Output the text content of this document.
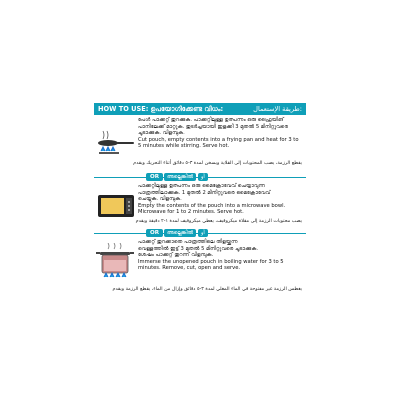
HOW TO USE: ഉപയോഗിക്കേണ്ട വിധം:	طريقة الإستعمال:
പേൾ പാക്കറ്റ് തുറക്കുക. പാക്കറ്റിലുള്ള ഉത്പന്നം ഒരു ഫ്രൈയിങ്
പാനിലേക്ക് മാറ്റുക. തുടർച്ചയായി ഇളക്കി 3 മുതൽ 5 മിനിറ്റുവരെ
ചൂടാക്കുക. വിളമ്പുക.
Cut pouch, empty contents into a frying pan and heat for 3 to
5 minutes while stirring. Serve hot.
يقطع الرزمة، يصب المحتويات إلى القلاية ويسخن لمدة ٣-٥ دقائق أثناء التحريك ويقدم
OR	അല്ലെങ്കിൽ	أو
പാക്കറ്റിലുള്ള ഉത്പന്നം ഒരു മൈക്രോവേവ് ചെയ്യാവുന്ന
പാത്രത്തിലാക്കുക. 1 മുതൽ 2 മിനിറ്റുവരെ മൈക്രോവേവ്
ചെയ്യുക. വിളമ്പുക.
Empty the contents of the pouch into a microwave bowl.
Microwave for 1 to 2 minutes. Serve hot.
يصب محتويات الرزمة إلى مقلاة ميكروفيف، يعطي ميكروفيف لمدة ١-٢ دقيقة ويقدم
OR	അല്ലെങ്കിൽ	أو
പാക്കറ്റ് തുറക്കാതെ പാത്രത്തിലെ തിളയ്ക്കുന്ന
വെള്ളത്തിൽ ഇട്ട് 3 മുതൽ 5 മിനിറ്റുവരെ ചൂടാക്കുക.
ശേഷം പാക്കറ്റ് തുറന്ന് വിളമ്പുക.
Immerse the unopened pouch in boiling water for 3 to 5
minutes. Remove, cut, open and serve.
يغطس الرزمة غير مفتوحة في الماء المغلي لمدة ٣-٥ دقائق وإزال من الماء، يقطع الرزمة ويقدم
